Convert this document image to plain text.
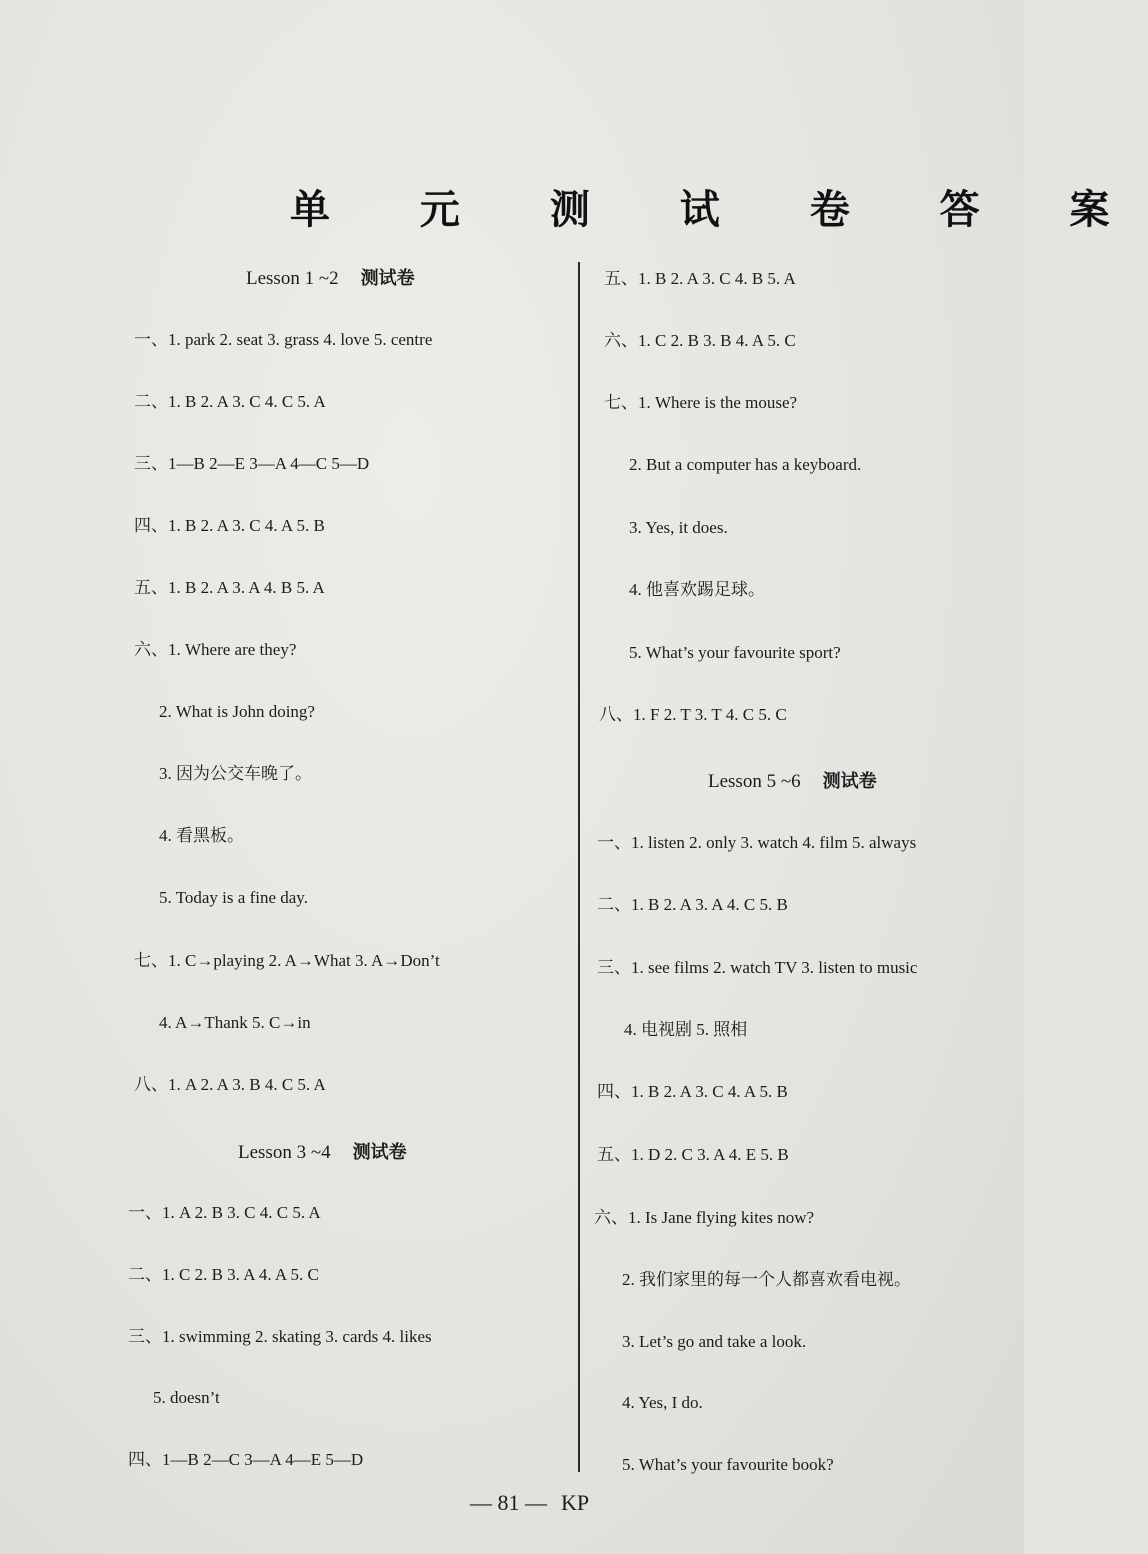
单 元 测 试 卷 答 案
Lesson 1 ~2 测试卷
一、1. park 2. seat 3. grass 4. love 5. centre
二、1. B 2. A 3. C 4. C 5. A
三、1—B 2—E 3—A 4—C 5—D
四、1. B 2. A 3. C 4. A 5. B
五、1. B 2. A 3. A 4. B 5. A
六、1. Where are they?
2. What is John doing?
3. 因为公交车晚了。
4. 看黑板。
5. Today is a fine day.
七、1. C→playing 2. A→What 3. A→Don’t
4. A→Thank 5. C→in
八、1. A 2. A 3. B 4. C 5. A
Lesson 3 ~4 测试卷
一、1. A 2. B 3. C 4. C 5. A
二、1. C 2. B 3. A 4. A 5. C
三、1. swimming 2. skating 3. cards 4. likes
5. doesn’t
四、1—B 2—C 3—A 4—E 5—D
五、1. B 2. A 3. C 4. B 5. A
六、1. C 2. B 3. B 4. A 5. C
七、1. Where is the mouse?
2. But a computer has a keyboard.
3. Yes, it does.
4. 他喜欢踢足球。
5. What’s your favourite sport?
八、1. F 2. T 3. T 4. C 5. C
Lesson 5 ~6 测试卷
一、1. listen 2. only 3. watch 4. film 5. always
二、1. B 2. A 3. A 4. C 5. B
三、1. see films 2. watch TV 3. listen to music
4. 电视剧 5. 照相
四、1. B 2. A 3. C 4. A 5. B
五、1. D 2. C 3. A 4. E 5. B
六、1. Is Jane flying kites now?
2. 我们家里的每一个人都喜欢看电视。
3. Let’s go and take a look.
4. Yes, I do.
5. What’s your favourite book?
— 81 — KP
